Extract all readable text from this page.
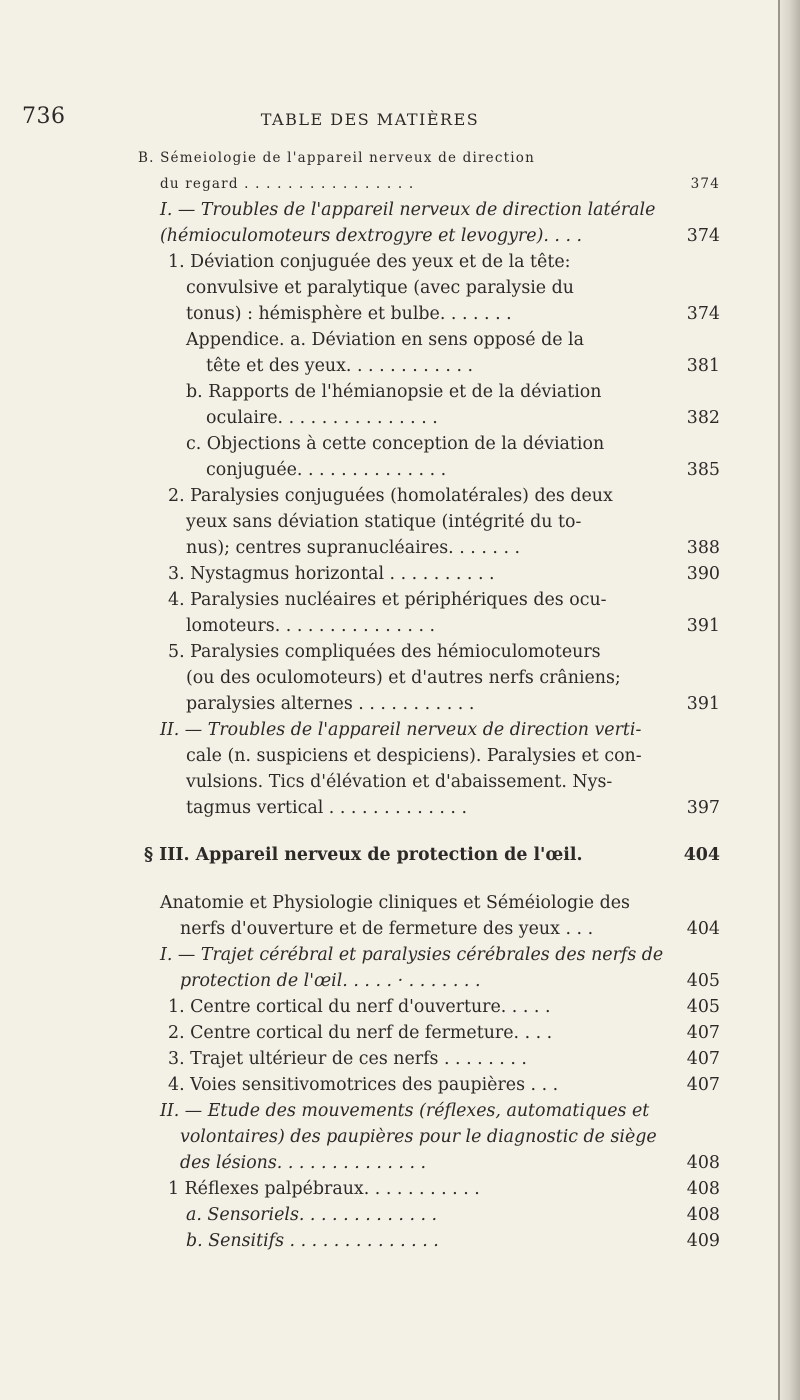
736	TABLE DES MATIÈRES
B. Sémeiologie de l'appareil nerveux de direction
du regard . . . . . . . . . . . . . . . .	374
I. — Troubles de l'appareil nerveux de direction latérale
(hémioculomoteurs dextrogyre et levogyre). . . .	374
1. Déviation conjuguée des yeux et de la tête:
convulsive et paralytique (avec paralysie du
tonus) : hémisphère et bulbe. . . . . . .	374
Appendice. a. Déviation en sens opposé de la
tête et des yeux. . . . . . . . . . . .	381
b. Rapports de l'hémianopsie et de la déviation
oculaire. . . . . . . . . . . . . . .	382
c. Objections à cette conception de la déviation
conjuguée. . . . . . . . . . . . . .	385
2. Paralysies conjuguées (homolatérales) des deux
yeux sans déviation statique (intégrité du to-
nus); centres supranucléaires. . . . . . .	388
3. Nystagmus horizontal . . . . . . . . . .	390
4. Paralysies nucléaires et périphériques des ocu-
lomoteurs. . . . . . . . . . . . . . .	391
5. Paralysies compliquées des hémioculomoteurs
(ou des oculomoteurs) et d'autres nerfs crâniens;
paralysies alternes . . . . . . . . . . .	391
II. — Troubles de l'appareil nerveux de direction verti-
cale (n. suspiciens et despiciens). Paralysies et con-
vulsions. Tics d'élévation et d'abaissement. Nys-
tagmus vertical . . . . . . . . . . . . .	397
§ III. Appareil nerveux de protection de l'œil.	404
Anatomie et Physiologie cliniques et Séméiologie des
nerfs d'ouverture et de fermeture des yeux . . .	404
I. — Trajet cérébral et paralysies cérébrales des nerfs de
protection de l'œil. . . . . · . . . . . . .	405
1. Centre cortical du nerf d'ouverture. . . . .	405
2. Centre cortical du nerf de fermeture. . . .	407
3. Trajet ultérieur de ces nerfs . . . . . . . .	407
4. Voies sensitivomotrices des paupières . . .	407
II. — Etude des mouvements (réflexes, automatiques et
volontaires) des paupières pour le diagnostic de siège
des lésions. . . . . . . . . . . . . .	408
1 Réflexes palpébraux. . . . . . . . . . .	408
a. Sensoriels. . . . . . . . . . . . .	408
b. Sensitifs . . . . . . . . . . . . . .	409
